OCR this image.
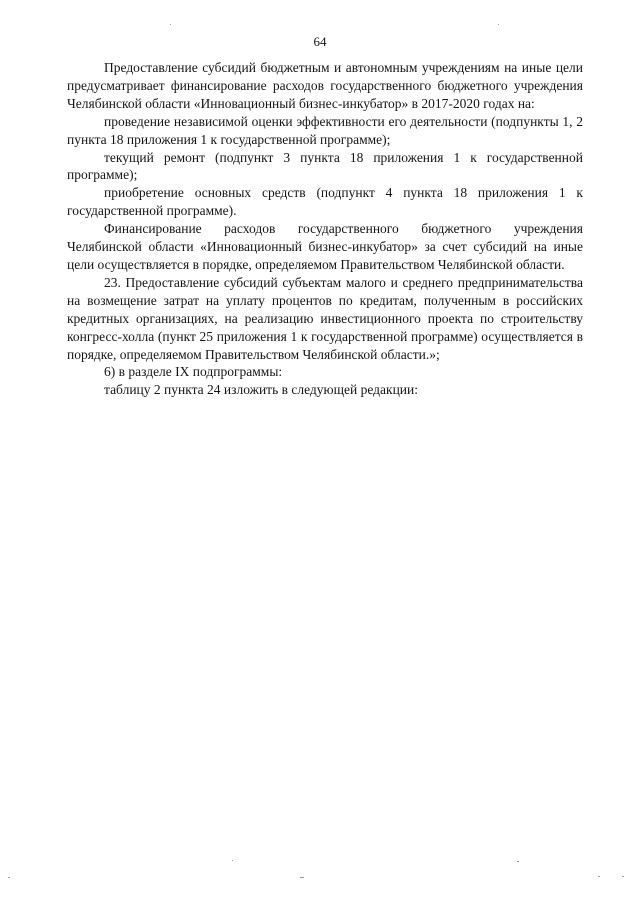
64

Предоставление субсидий бюджетным и автономным учреждениям на иные цели предусматривает финансирование расходов государственного бюджетного учреждения Челябинской области «Инновационный бизнес-инкубатор» в 2017-2020 годах на:

проведение независимой оценки эффективности его деятельности (подпункты 1, 2 пункта 18 приложения 1 к государственной программе);

текущий ремонт (подпункт 3 пункта 18 приложения 1 к государственной программе);

приобретение основных средств (подпункт 4 пункта 18 приложения 1 к государственной программе).

Финансирование расходов государственного бюджетного учреждения Челябинской области «Инновационный бизнес-инкубатор» за счет субсидий на иные цели осуществляется в порядке, определяемом Правительством Челябинской области.

23. Предоставление субсидий субъектам малого и среднего предпринимательства на возмещение затрат на уплату процентов по кредитам, полученным в российских кредитных организациях, на реализацию инвестиционного проекта по строительству конгресс-холла (пункт 25 приложения 1 к государственной программе) осуществляется в порядке, определяемом Правительством Челябинской области.»;

6) в разделе IX подпрограммы:

таблицу 2 пункта 24 изложить в следующей редакции:
